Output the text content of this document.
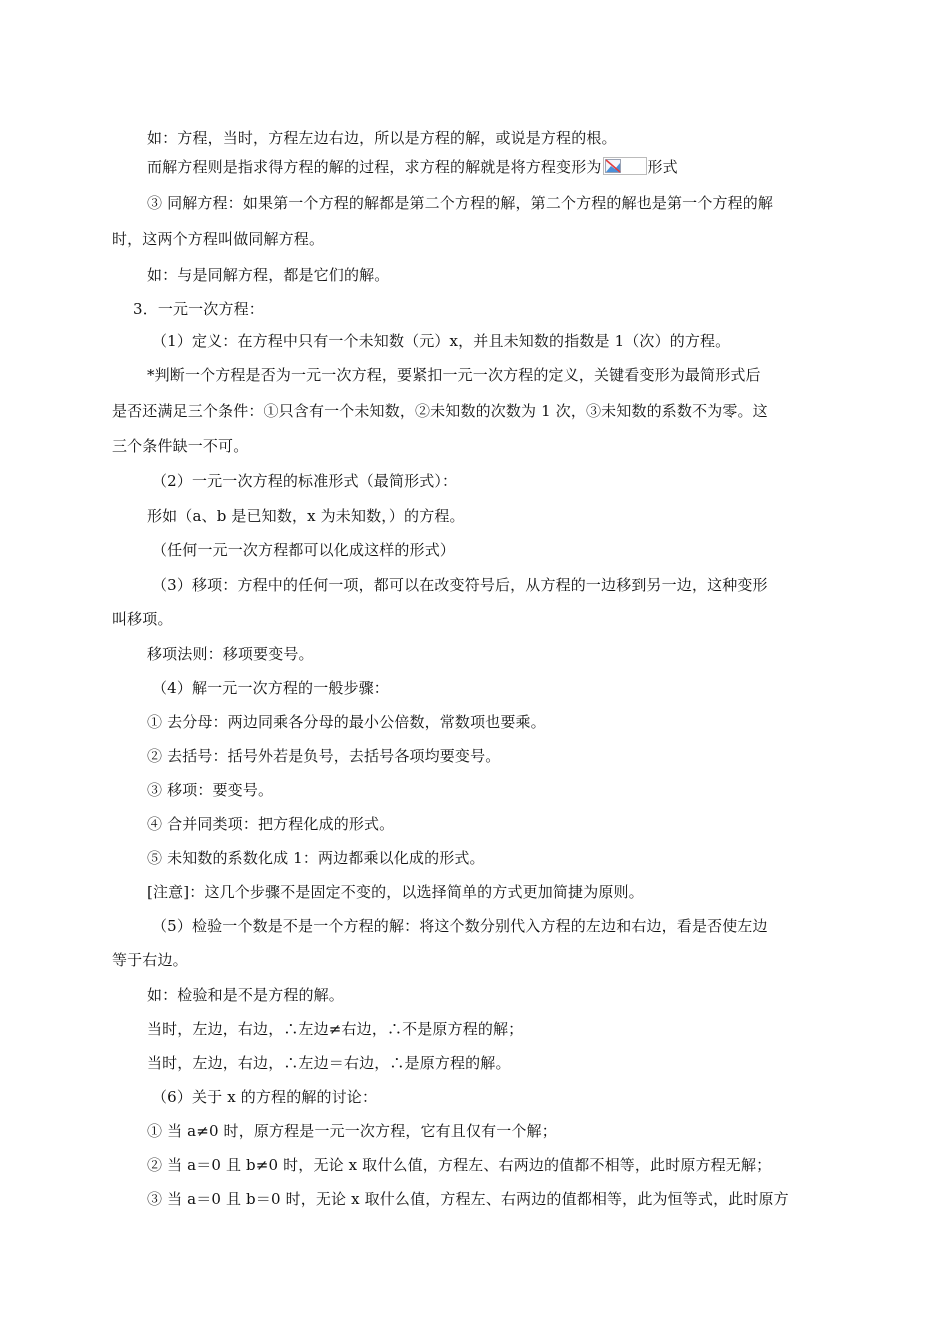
如：方程，当时，方程左边右边，所以是方程的解，或说是方程的根。
而解方程则是指求得方程的解的过程，求方程的解就是将方程变形为	形式
③ 同解方程：如果第一个方程的解都是第二个方程的解，第二个方程的解也是第一个方程的解
时，这两个方程叫做同解方程。
如：与是同解方程，都是它们的解。
3．一元一次方程：
（1）定义：在方程中只有一个未知数（元）x，并且未知数的指数是 1（次）的方程。
*判断一个方程是否为一元一次方程，要紧扣一元一次方程的定义，关键看变形为最简形式后
是否还满足三个条件：①只含有一个未知数，②未知数的次数为 1 次，③未知数的系数不为零。这
三个条件缺一不可。
（2）一元一次方程的标准形式（最简形式）：
形如（a、b 是已知数，x 为未知数，）的方程。
（任何一元一次方程都可以化成这样的形式）
（3）移项：方程中的任何一项，都可以在改变符号后，从方程的一边移到另一边，这种变形
叫移项。
移项法则：移项要变号。
（4）解一元一次方程的一般步骤：
① 去分母：两边同乘各分母的最小公倍数，常数项也要乘。
② 去括号：括号外若是负号，去括号各项均要变号。
③ 移项：要变号。
④ 合并同类项：把方程化成的形式。
⑤ 未知数的系数化成 1：两边都乘以化成的形式。
[注意]：这几个步骤不是固定不变的，以选择简单的方式更加简捷为原则。
（5）检验一个数是不是一个方程的解：将这个数分别代入方程的左边和右边，看是否使左边
等于右边。
如：检验和是不是方程的解。
当时，左边，右边，∴左边≠右边，∴不是原方程的解；
当时，左边，右边，∴左边＝右边，∴是原方程的解。
（6）关于 x 的方程的解的讨论：
① 当 a≠0 时，原方程是一元一次方程，它有且仅有一个解；
② 当 a＝0 且 b≠0 时，无论 x 取什么值，方程左、右两边的值都不相等，此时原方程无解；
③ 当 a＝0 且 b＝0 时，无论 x 取什么值，方程左、右两边的值都相等，此为恒等式，此时原方
